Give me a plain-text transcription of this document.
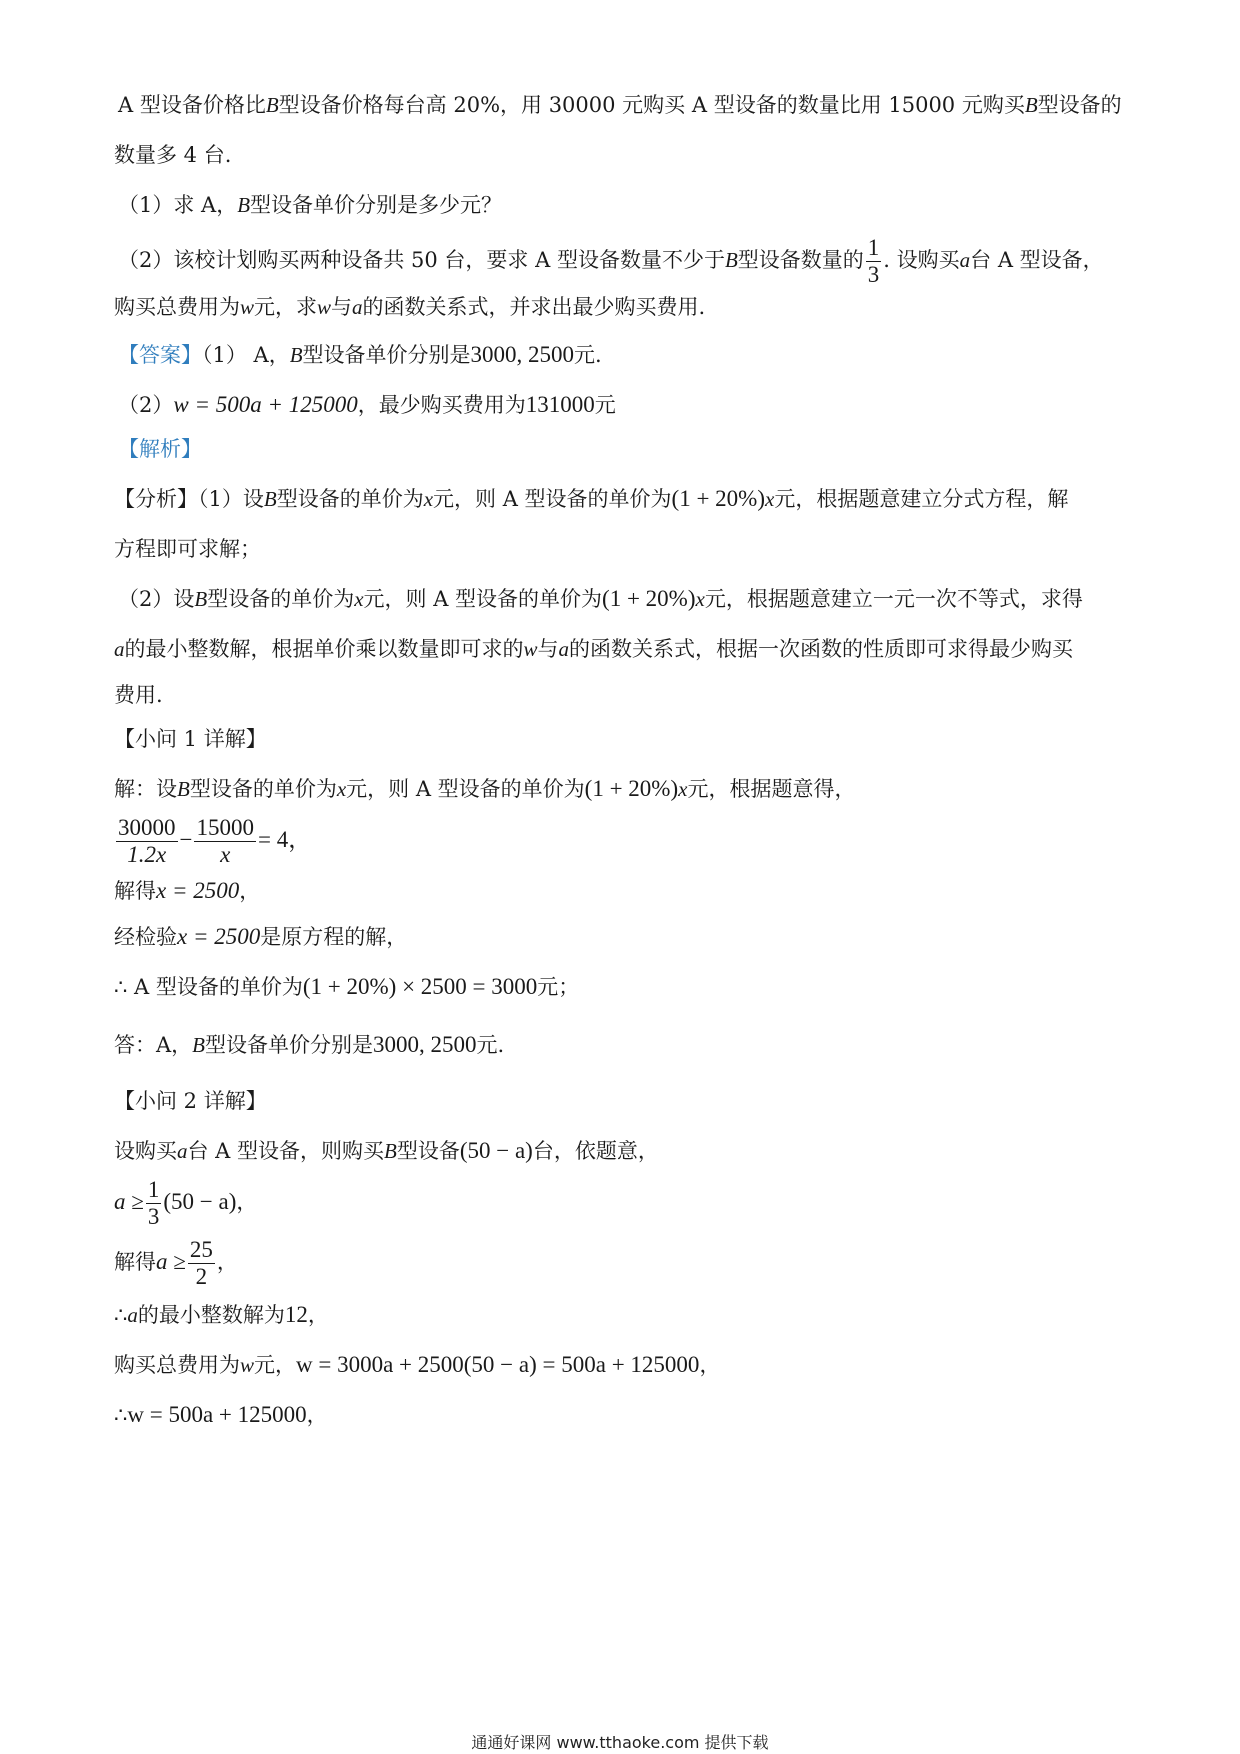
A 型设备价格比B型设备价格每台高 20%，用 30000 元购买 A 型设备的数量比用 15000 元购买B型设备的
数量多 4 台.
（1）求 A，B型设备单价分别是多少元？
（2）该校计划购买两种设备共 50 台，要求 A 型设备数量不少于B型设备数量的 $\frac{1}{3}$ . 设购买a台 A 型设备，
购买总费用为w元，求w与a的函数关系式，并求出最少购买费用.
【答案】（1） A，B型设备单价分别是3000, 2500元.
（2）w = 500a + 125000，最少购买费用为131000元
【解析】
【分析】（1）设B型设备的单价为x元，则 A 型设备的单价为(1 + 20%)x元，根据题意建立分式方程，解
方程即可求解；
（2）设B型设备的单价为x元，则 A 型设备的单价为(1 + 20%)x元，根据题意建立一元一次不等式，求得
a的最小整数解，根据单价乘以数量即可求的w与a的函数关系式，根据一次函数的性质即可求得最少购买
费用.
【小问 1 详解】
解：设B型设备的单价为x元，则 A 型设备的单价为(1 + 20%)x元，根据题意得，
$\frac{30000}{1.2x} - \frac{15000}{x} = 4$，
解得x = 2500，
经检验x = 2500是原方程的解，
∴ A 型设备的单价为(1 + 20%) × 2500 = 3000元；
答：A，B型设备单价分别是3000, 2500元.
【小问 2 详解】
设购买a台 A 型设备，则购买B型设备(50 − a)台，依题意，
$a \ge \frac{1}{3} (50 - a)$，
解得$a \ge \frac{25}{2}$ ，
∴a的最小整数解为12，
购买总费用为w元，w = 3000a + 2500(50 − a) = 500a + 125000，
∴w = 500a + 125000，
通通好课网 www.tthaoke.com 提供下载
